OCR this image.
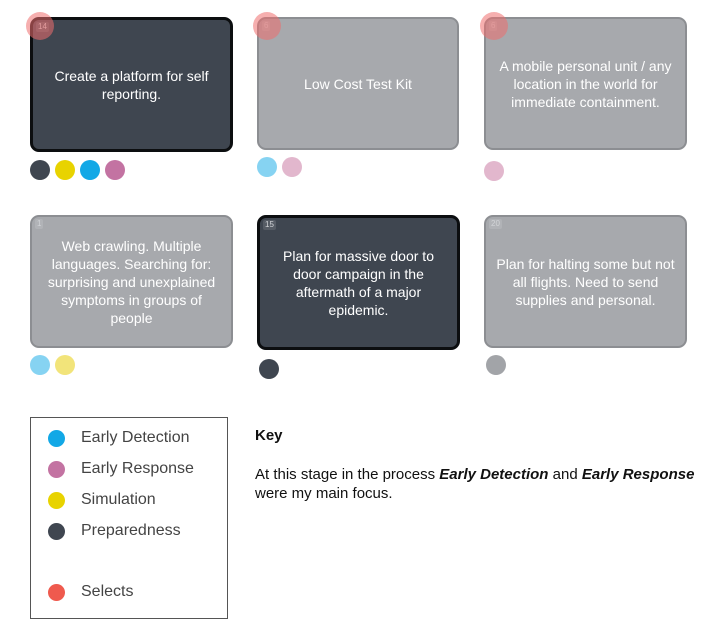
Create a platform for self reporting.
Low Cost Test Kit
A mobile personal unit / any location in the world for immediate containment.
1
Web crawling. Multiple languages. Searching for: surprising and unexplained symptoms in groups of people
15
Plan for massive door to door campaign in the aftermath of a major epidemic.
20
Plan for halting some but not all flights. Need to send supplies and personal.
Early Detection
Early Response
Simulation
Preparedness
Selects
Key
At this stage in the process Early Detection and Early Response were my main focus.
